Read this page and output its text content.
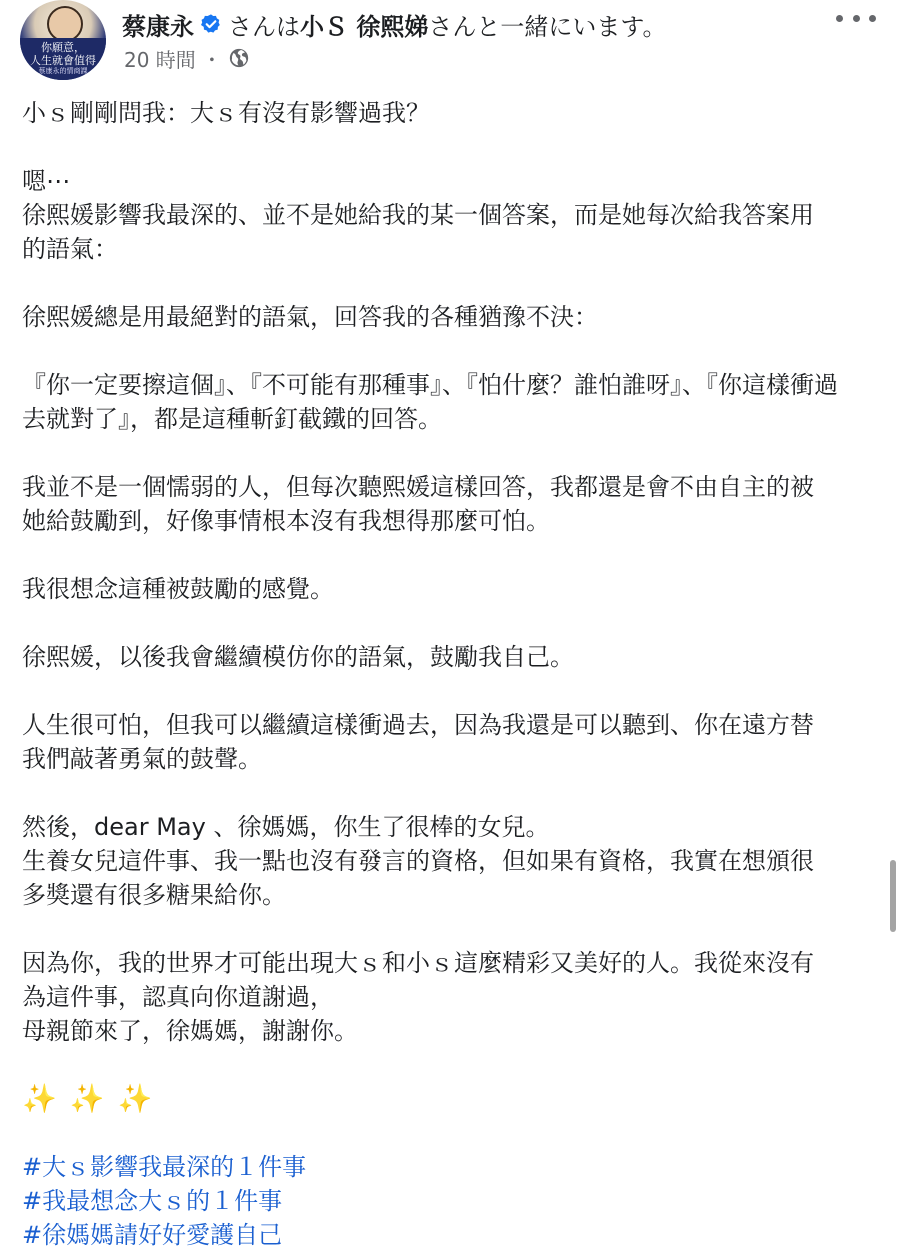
你願意，
人生就會值得
蔡康永的情商課
蔡康永 さんは 小Ｓ 徐熙娣 さんと一緒にいます。
20 時間 ・

小ｓ剛剛問我：大ｓ有沒有影響過我？

嗯⋯
徐熙媛影響我最深的、並不是她給我的某一個答案，而是她每次給我答案用
的語氣：

徐熙媛總是用最絕對的語氣，回答我的各種猶豫不決：

『你一定要擦這個』、『不可能有那種事』、『怕什麼？誰怕誰呀』、『你這樣衝過
去就對了』，都是這種斬釘截鐵的回答。

我並不是一個懦弱的人，但每次聽熙媛這樣回答，我都還是會不由自主的被
她給鼓勵到，好像事情根本沒有我想得那麼可怕。

我很想念這種被鼓勵的感覺。

徐熙媛，以後我會繼續模仿你的語氣，鼓勵我自己。

人生很可怕，但我可以繼續這樣衝過去，因為我還是可以聽到、你在遠方替
我們敲著勇氣的鼓聲。

然後，dear May 、徐媽媽，你生了很棒的女兒。
生養女兒這件事、我一點也沒有發言的資格，但如果有資格，我實在想頒很
多獎還有很多糖果給你。

因為你，我的世界才可能出現大ｓ和小ｓ這麼精彩又美好的人。我從來沒有
為這件事，認真向你道謝過，
母親節來了，徐媽媽，謝謝你。

✨ ✨ ✨

#大ｓ影響我最深的１件事
#我最想念大ｓ的１件事
#徐媽媽請好好愛護自己
